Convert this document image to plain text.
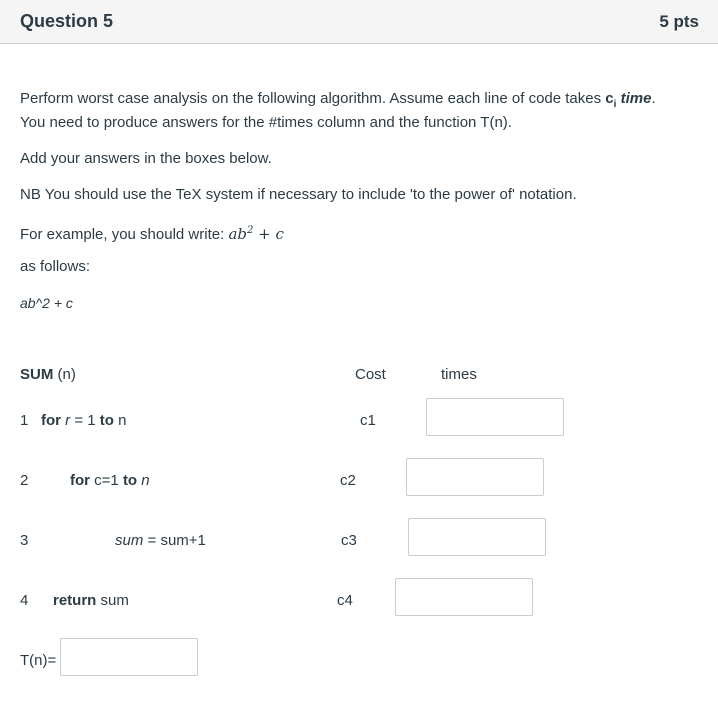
Question 5	5 pts
Perform worst case analysis on the following algorithm. Assume each line of code takes $c_i$ time.
You need to produce answers for the #times column and the function T(n).
Add your answers in the boxes below.
NB You should use the TeX system if necessary to include 'to the power of' notation.
For example, you should write: $ab^2 + c$
as follows:
ab^2 + c
SUM (n)	Cost	times
1 for r = 1 to n	c1
2	for c=1 to n	c2
3	sum = sum+1	c3
4 return sum	c4
T(n)=
